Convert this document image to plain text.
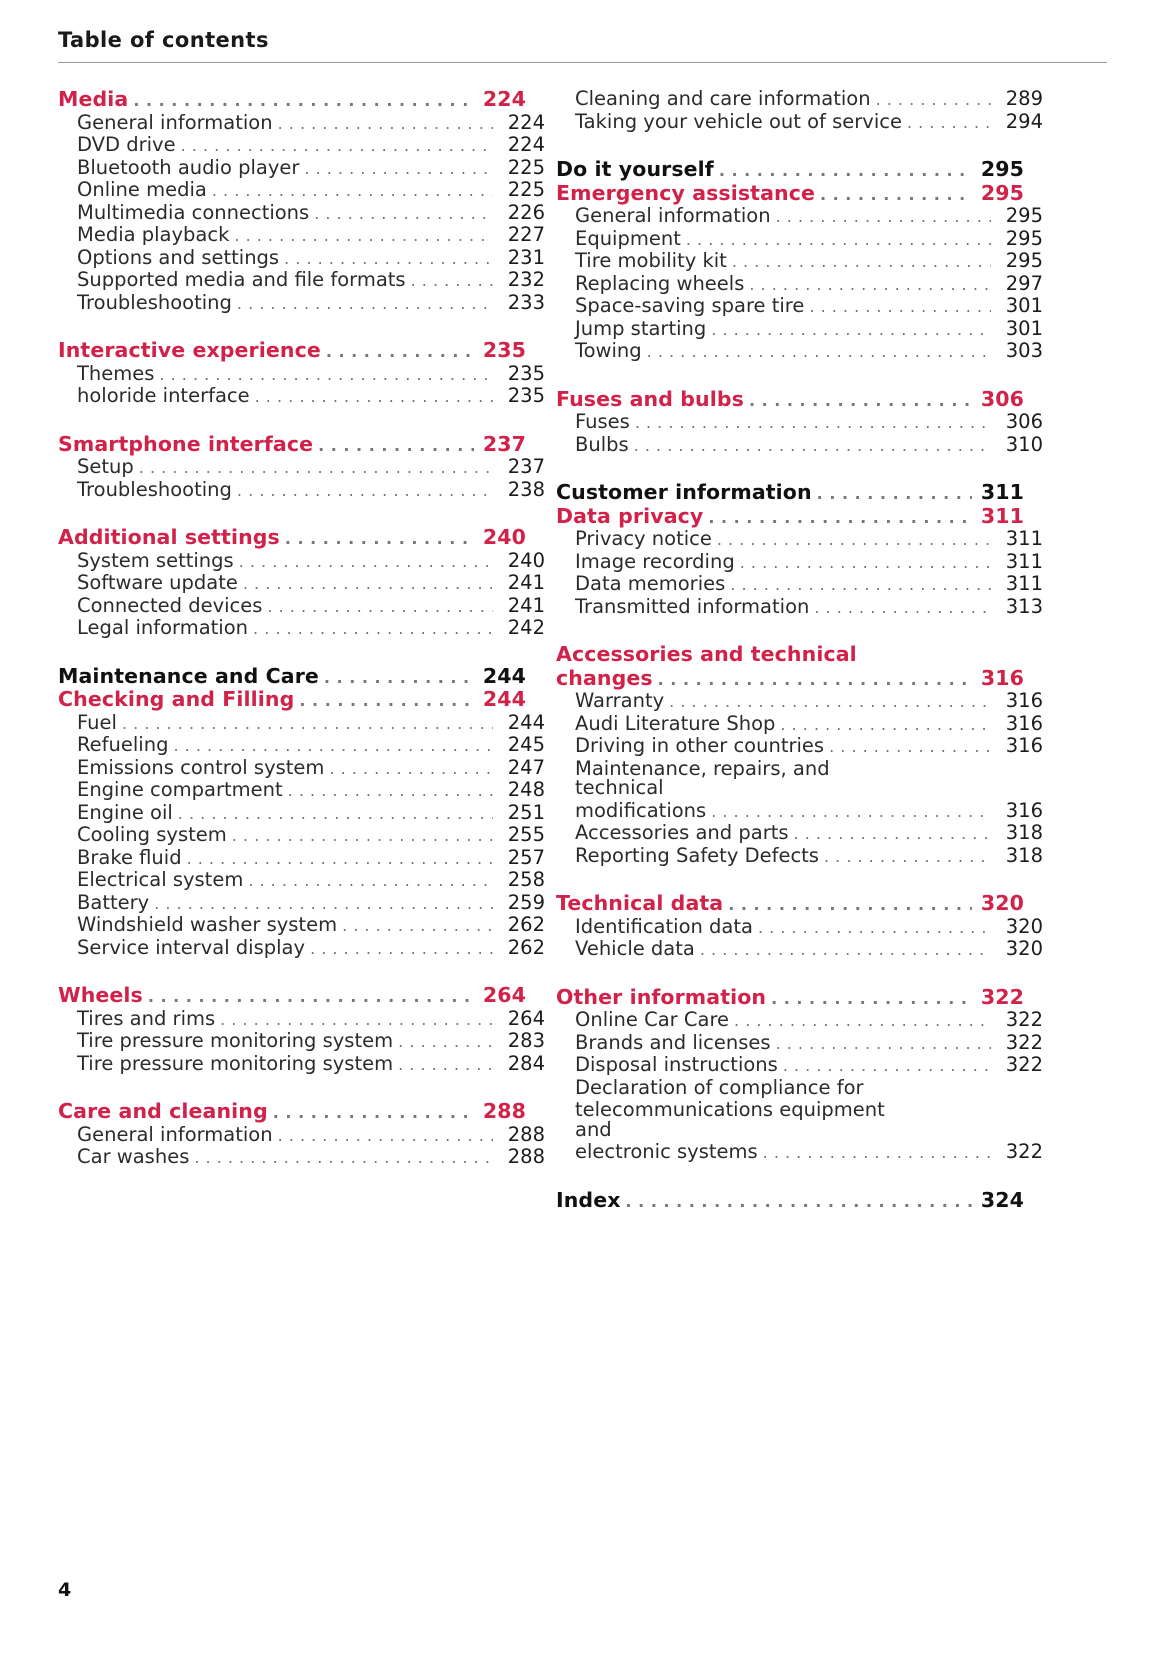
Table of contents
Media . . .	224
General information . . .	224
DVD drive . . .	224
Bluetooth audio player . . .	225
Online media . . .	225
Multimedia connections . . .	226
Media playback . . .	227
Options and settings . . .	231
Supported media and file formats . . .	232
Troubleshooting . . .	233
Interactive experience . . .	235
Themes . . .	235
holoride interface . . .	235
Smartphone interface . . .	237
Setup . . .	237
Troubleshooting . . .	238
Additional settings . . .	240
System settings . . .	240
Software update . . .	241
Connected devices . . .	241
Legal information . . .	242
Maintenance and Care . . .	244
Checking and Filling . . .	244
Fuel . . .	244
Refueling . . .	245
Emissions control system . . .	247
Engine compartment . . .	248
Engine oil . . .	251
Cooling system . . .	255
Brake fluid . . .	257
Electrical system . . .	258
Battery . . .	259
Windshield washer system . . .	262
Service interval display . . .	262
Wheels . . .	264
Tires and rims . . .	264
Tire pressure monitoring system . . .	283
Tire pressure monitoring system . . .	284
Care and cleaning . . .	288
General information . . .	288
Car washes . . .	288
Cleaning and care information . . .	289
Taking your vehicle out of service . . .	294
Do it yourself . . .	295
Emergency assistance . . .	295
General information . . .	295
Equipment . . .	295
Tire mobility kit . . .	295
Replacing wheels . . .	297
Space-saving spare tire . . .	301
Jump starting . . .	301
Towing . . .	303
Fuses and bulbs . . .	306
Fuses . . .	306
Bulbs . . .	310
Customer information . . .	311
Data privacy . . .	311
Privacy notice . . .	311
Image recording . . .	311
Data memories . . .	311
Transmitted information . . .	313
Accessories and technical
changes . . .	316
Warranty . . .	316
Audi Literature Shop . . .	316
Driving in other countries . . .	316
Maintenance, repairs, and technical
modifications . . .	316
Accessories and parts . . .	318
Reporting Safety Defects . . .	318
Technical data . . .	320
Identification data . . .	320
Vehicle data . . .	320
Other information . . .	322
Online Car Care . . .	322
Brands and licenses . . .	322
Disposal instructions . . .	322
Declaration of compliance for
telecommunications equipment and
electronic systems . . .	322
Index . . .	324
4
